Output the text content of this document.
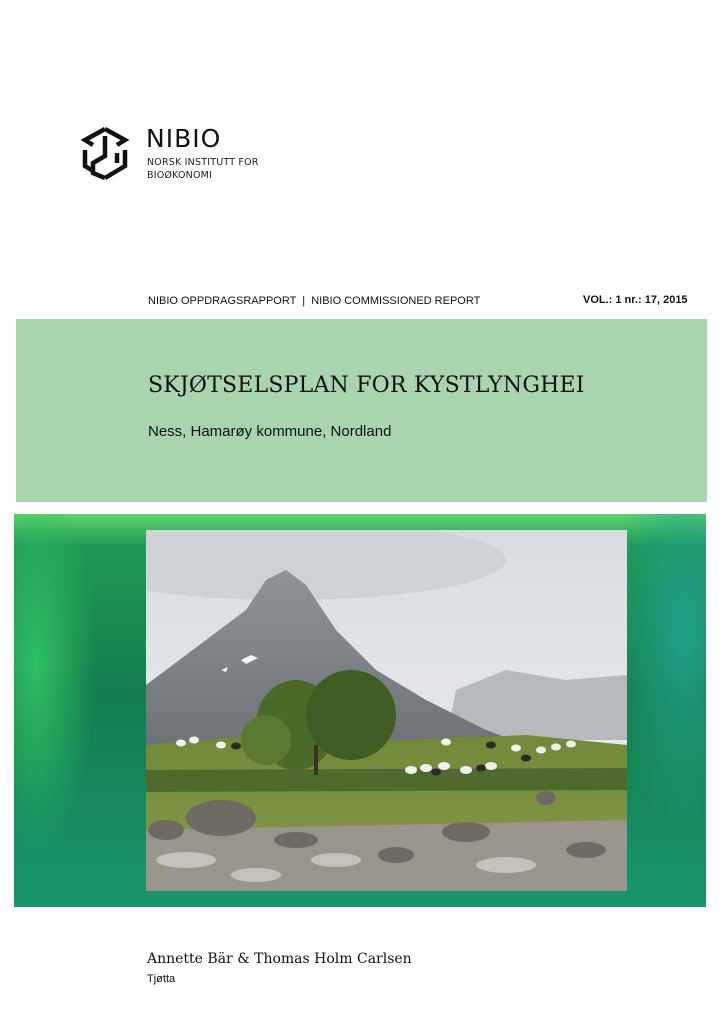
NIBIO
NORSK INSTITUTT FOR
BIOØKONOMI
NIBIO OPPDRAGSRAPPORT  |  NIBIO COMMISSIONED REPORT	VOL.: 1 nr.: 17, 2015
SKJØTSELSPLAN FOR KYSTLYNGHEI
Ness, Hamarøy kommune, Nordland
Annette Bär & Thomas Holm Carlsen
Tjøtta
